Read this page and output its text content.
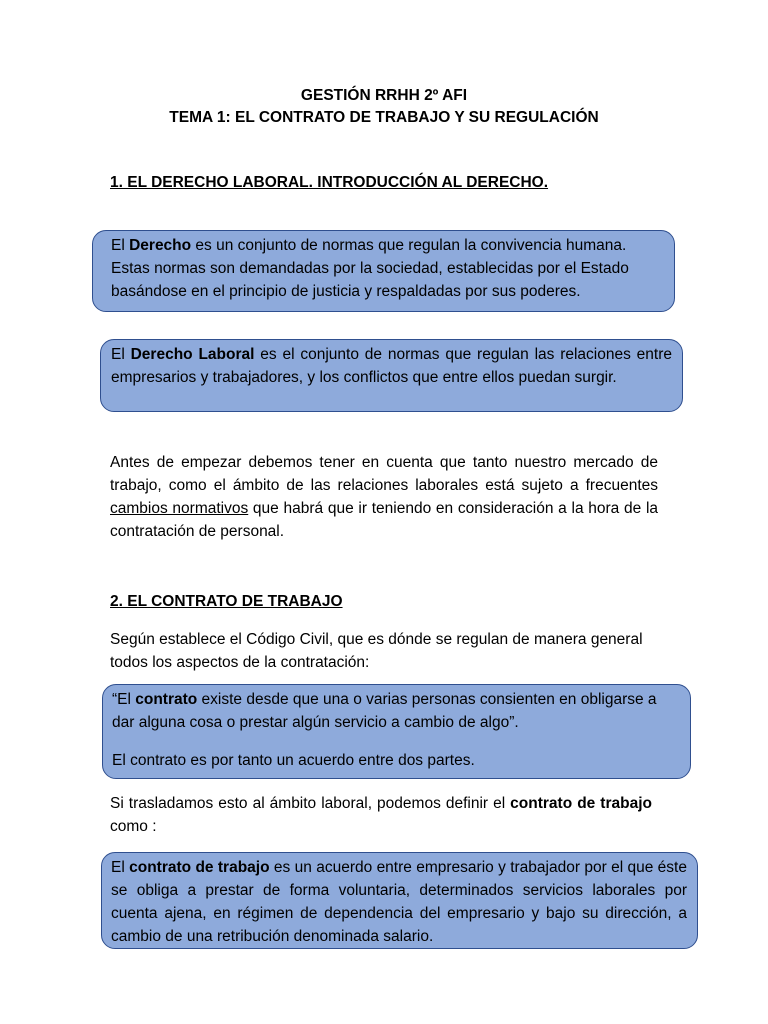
GESTIÓN RRHH 2º AFI
TEMA 1: EL CONTRATO DE TRABAJO Y SU REGULACIÓN
1. EL DERECHO LABORAL. INTRODUCCIÓN AL DERECHO.
El Derecho es un conjunto de normas que regulan la convivencia humana. Estas normas son demandadas por la sociedad, establecidas por el Estado basándose en el principio de justicia y respaldadas por sus poderes.
El Derecho Laboral es el conjunto de normas que regulan las relaciones entre empresarios y trabajadores, y los conflictos que entre ellos puedan surgir.
Antes de empezar debemos tener en cuenta que tanto nuestro mercado de trabajo, como el ámbito de las relaciones laborales está sujeto a frecuentes cambios normativos que habrá que ir teniendo en consideración a la hora de la contratación de personal.
2. EL CONTRATO DE TRABAJO
Según establece el Código Civil, que es dónde se regulan de manera general todos los aspectos de la contratación:
“El contrato existe desde que una o varias personas consienten en obligarse a dar alguna cosa o prestar algún servicio a cambio de algo”.
El contrato es por tanto un acuerdo entre dos partes.
Si trasladamos esto al ámbito laboral, podemos definir el contrato de trabajo como :
El contrato de trabajo es un acuerdo entre empresario y trabajador por el que éste se obliga a prestar de forma voluntaria, determinados servicios laborales por cuenta ajena, en régimen de dependencia del empresario y bajo su dirección, a cambio de una retribución denominada salario.
